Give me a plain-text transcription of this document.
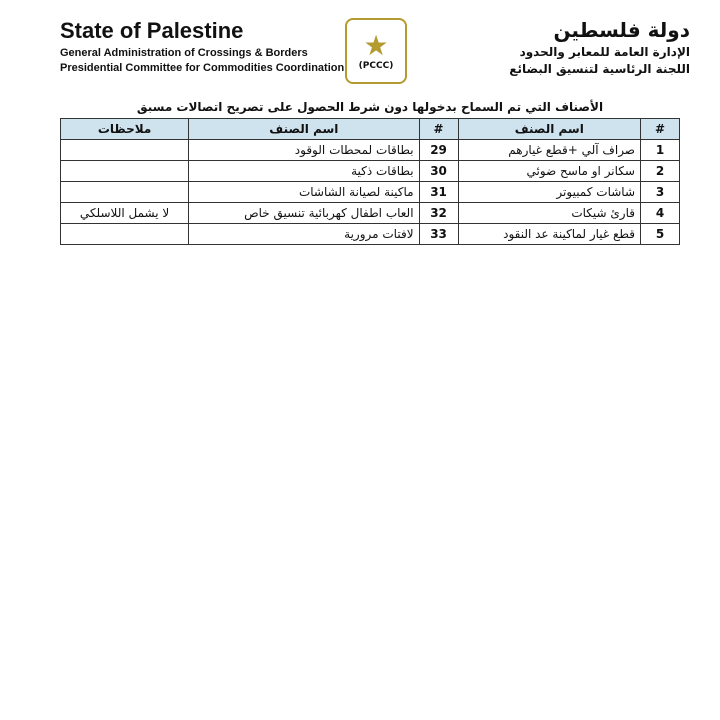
State of Palestine
General Administration of Crossings & Borders
Presidential Committee for Commodities Coordination
★
(PCCC)
دولة فلسطين
الإدارة العامة للمعابر والحدود
اللجنة الرئاسية لتنسيق البضائع
الأصناف التي تم السماح بدخولها دون شرط الحصول على تصريح اتصالات مسبق
#	اسم الصنف	#	اسم الصنف	ملاحظات
1	صراف آلي +قطع غيارهم	29	بطاقات لمحطات الوقود	
2	سكانر او ماسح ضوئي	30	بطاقات ذكية	
3	شاشات كمبيوتر	31	ماكينة لصيانة الشاشات	
4	قارئ شيكات	32	العاب اطفال كهربائية تنسيق خاص	لا يشمل اللاسلكي
5	قطع غيار لماكينة عد النقود	33	لافتات مرورية	
